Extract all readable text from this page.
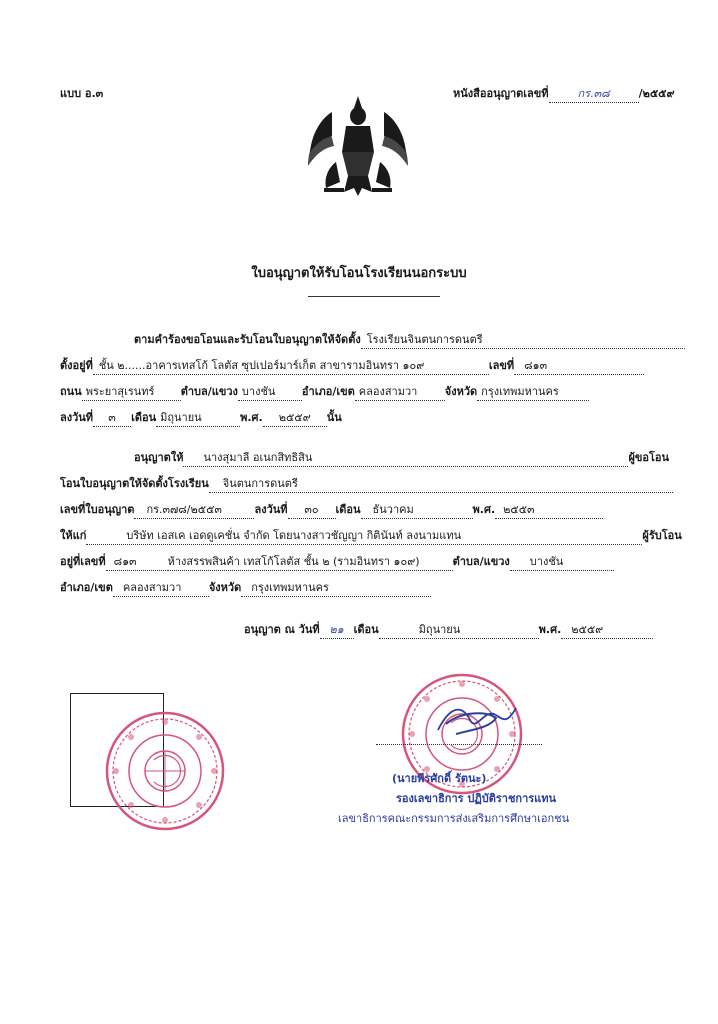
แบบ อ.๓	หนังสืออนุญาตเลขที่	กร.๓๘	/๒๕๕๙
ใบอนุญาตให้รับโอนโรงเรียนนอกระบบ
ตามคำร้องขอโอนและรับโอนใบอนุญาตให้จัดตั้ง โรงเรียนจินตนการดนตรี
ตั้งอยู่ที่ ชั้น ๒......อาคารเทสโก้ โลตัส ซุปเปอร์มาร์เก็ต สาขารามอินทรา ๑๐๙	เลขที่ ๘๑๓
ถนน พระยาสุเรนทร์ ตำบล/แขวง บางชัน อำเภอ/เขต คลองสามวา จังหวัด กรุงเทพมหานคร
ลงวันที่ ๓ เดือน มิถุนายน	พ.ศ. ๒๕๕๙ นั้น
อนุญาตให้ นางสุมาลี อเนกสิทธิสิน	ผู้ขอโอน
โอนใบอนุญาตให้จัดตั้งโรงเรียน จินตนการดนตรี
เลขที่ใบอนุญาต กร.๓๗๘/๒๕๕๓	ลงวันที่ ๓๐ เดือน ธันวาคม	พ.ศ. ๒๕๕๓
ให้แก่	บริษัท เอสเค เอดดูเคชั่น จำกัด โดยนางสาวชัญญา กิตินันท์ ลงนามแทน	ผู้รับโอน
อยู่ที่เลขที่ ๘๑๓	ห้างสรรพสินค้า เทสโก้โลตัส ชั้น ๒ (รามอินทรา ๑๐๙)	ตำบล/แขวง บางชัน
อำเภอ/เขต คลองสามวา จังหวัด กรุงเทพมหานคร
อนุญาต ณ วันที่ ๒๑ เดือน	มิถุนายน	พ.ศ. ๒๕๕๙
(นายพีรศักดิ์ รัตนะ)
รองเลขาธิการ ปฏิบัติราชการแทน
เลขาธิการคณะกรรมการส่งเสริมการศึกษาเอกชน
